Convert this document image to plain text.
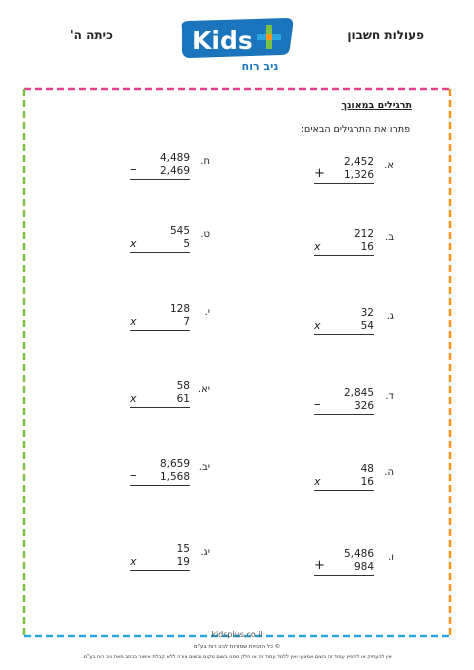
פעולות חשבון
כיתה ה'	Kids
ניב רוח
תרגילים במאונך
פתרו את התרגילים הבאים:
א.
+
2,452
1,326
ב.
x
212
16
ג.
x
32
54
ד.
–
2,845
326
ה.
x
48
16
ו.
+
5,486
984
ח.
–
4,489
2,469
ט.
x
545
5
י.
x
128
7
יא.
x
58
61
יב.
–
8,659
1,568
יג.
x
15
19
kidsplus.co.il
© כל הזכויות שמורות לניב רוח בע"מ
אין להעתיק או להפיץ עמוד זה בשום אמצעי ואין ללמד עמוד זה או חלק ממנו בשום מקום ובשום צורה ללא קבלת אישור בכתב מאת ניב רוח בע"מ.
